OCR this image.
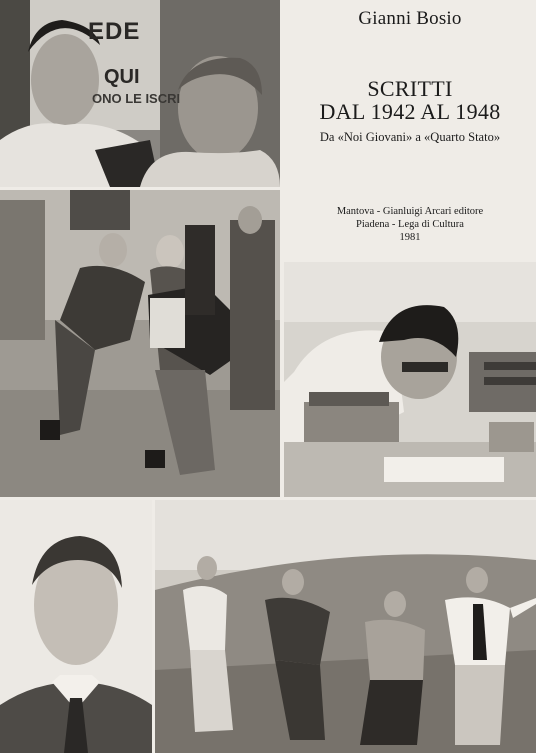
EDE
QUI
ONO LE ISCRI
Gianni Bosio
SCRITTI
DAL 1942 AL 1948
Da «Noi Giovani» a «Quarto Stato»
Mantova - Gianluigi Arcari editore
Piadena - Lega di Cultura
1981
